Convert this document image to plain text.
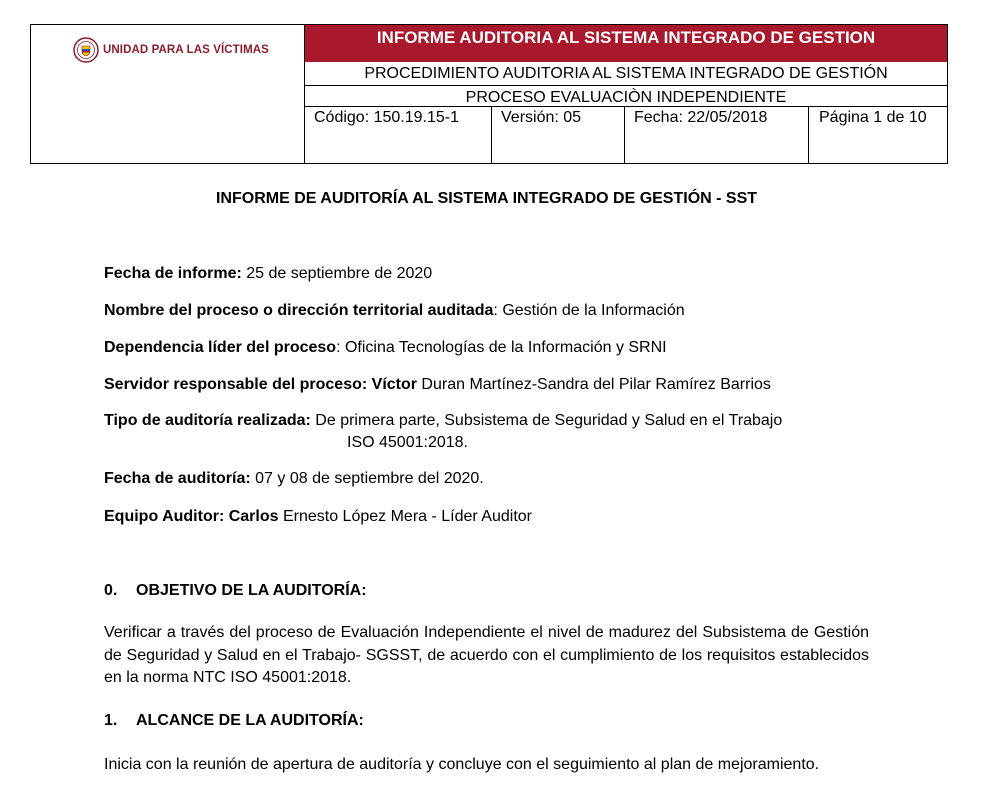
UNIDAD PARA LAS VÍCTIMAS
INFORME AUDITORIA AL SISTEMA INTEGRADO DE GESTION
PROCEDIMIENTO AUDITORIA AL SISTEMA INTEGRADO DE GESTIÓN
PROCESO EVALUACIÒN INDEPENDIENTE
Código: 150.19.15-1	Versión: 05	Fecha: 22/05/2018	Página 1 de 10
INFORME DE AUDITORÍA AL SISTEMA INTEGRADO DE GESTIÓN - SST
Fecha de informe: 25 de septiembre de 2020
Nombre del proceso o dirección territorial auditada: Gestión de la Información
Dependencia líder del proceso: Oficina Tecnologías de la Información y SRNI
Servidor responsable del proceso: Víctor Duran Martínez-Sandra del Pilar Ramírez Barrios
Tipo de auditoría realizada: De primera parte, Subsistema de Seguridad y Salud en el Trabajo
ISO 45001:2018.
Fecha de auditoría: 07 y 08 de septiembre del 2020.
Equipo Auditor: Carlos Ernesto López Mera - Líder Auditor
0. OBJETIVO DE LA AUDITORÍA:
Verificar a través del proceso de Evaluación Independiente el nivel de madurez del Subsistema de Gestión de Seguridad y Salud en el Trabajo- SGSST, de acuerdo con el cumplimiento de los requisitos establecidos en la norma NTC ISO 45001:2018.
1. ALCANCE DE LA AUDITORÍA:
Inicia con la reunión de apertura de auditoría y concluye con el seguimiento al plan de mejoramiento.
